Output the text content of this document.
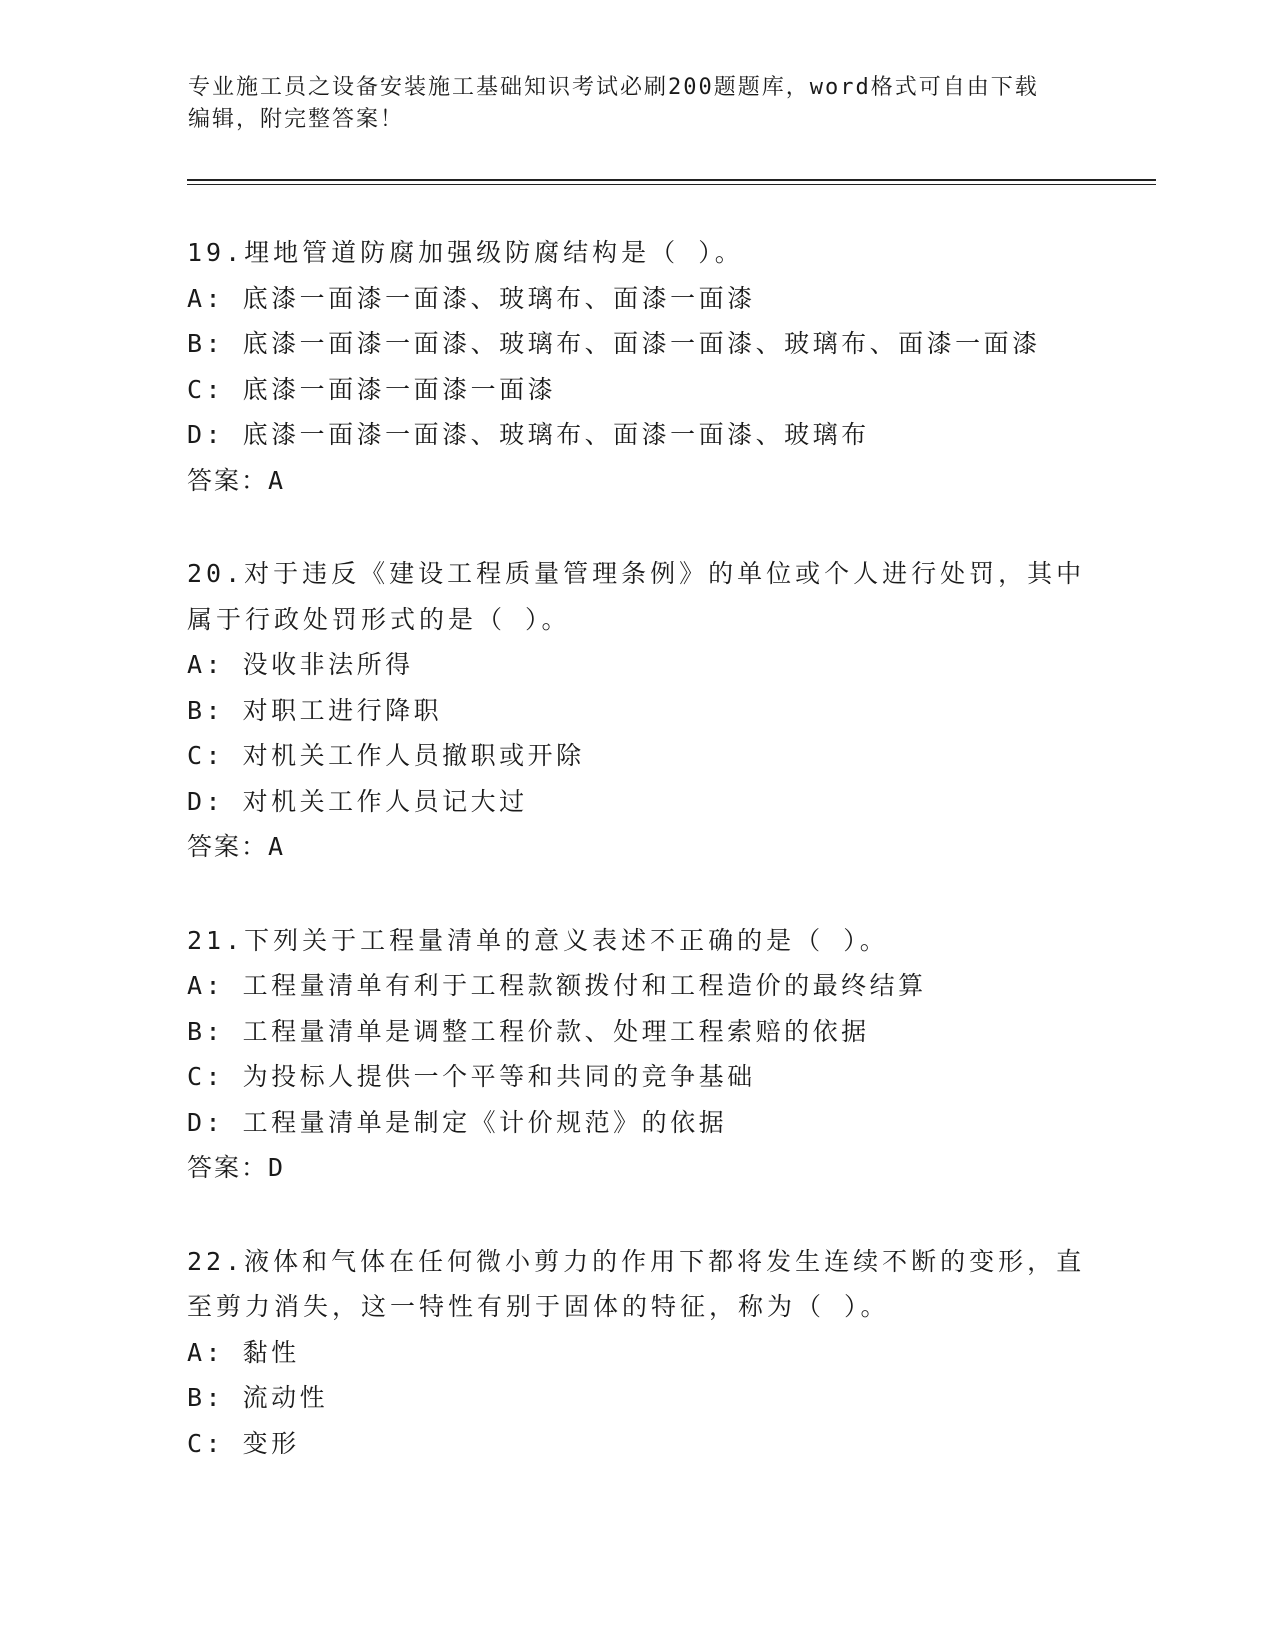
专业施工员之设备安装施工基础知识考试必刷200题题库，word格式可自由下载
编辑，附完整答案！
19.埋地管道防腐加强级防腐结构是（ ）。
A: 底漆一面漆一面漆、玻璃布、面漆一面漆
B: 底漆一面漆一面漆、玻璃布、面漆一面漆、玻璃布、面漆一面漆
C: 底漆一面漆一面漆一面漆
D: 底漆一面漆一面漆、玻璃布、面漆一面漆、玻璃布
答案：A
20.对于违反《建设工程质量管理条例》的单位或个人进行处罚，其中
属于行政处罚形式的是（ ）。
A: 没收非法所得
B: 对职工进行降职
C: 对机关工作人员撤职或开除
D: 对机关工作人员记大过
答案：A
21.下列关于工程量清单的意义表述不正确的是（ ）。
A: 工程量清单有利于工程款额拨付和工程造价的最终结算
B: 工程量清单是调整工程价款、处理工程索赔的依据
C: 为投标人提供一个平等和共同的竞争基础
D: 工程量清单是制定《计价规范》的依据
答案：D
22.液体和气体在任何微小剪力的作用下都将发生连续不断的变形，直
至剪力消失，这一特性有别于固体的特征，称为（ ）。
A: 黏性
B: 流动性
C: 变形
